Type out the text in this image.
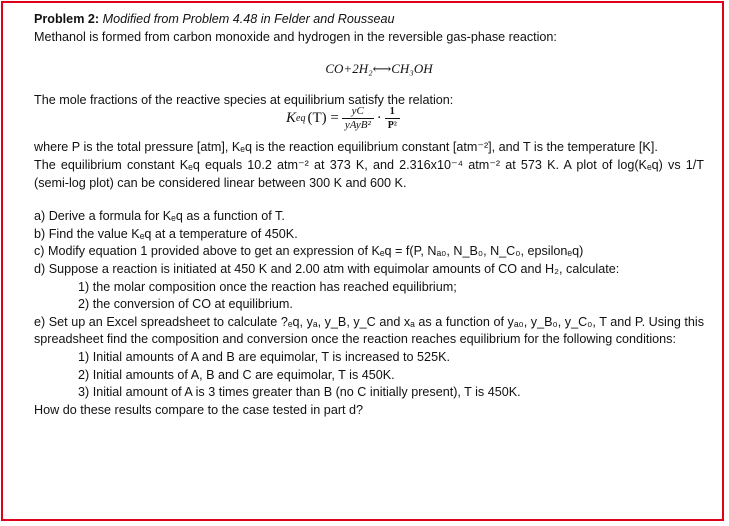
Problem 2: Modified from Problem 4.48 in Felder and Rousseau
Methanol is formed from carbon monoxide and hydrogen in the reversible gas-phase reaction:
CO+2H₂⟷CH₃OH
The mole fractions of the reactive species at equilibrium satisfy the relation:
K eq $(T) = \frac{yC}{\text{yAyB²}} \cdot \frac{1}{\text{P²}}$
where P is the total pressure [atm], Kₑq is the reaction equilibrium constant [atm⁻²], and T is the temperature [K].
The equilibrium constant Kₑq equals 10.2 atm⁻² at 373 K, and 2.316x10⁻⁴ atm⁻² at 573 K. A plot of log(Kₑq) vs 1/T (semi-log plot) can be considered linear between 300 K and 600 K.
a) Derive a formula for Kₑq as a function of T.
b) Find the value Kₑq at a temperature of 450K.
c) Modify equation 1 provided above to get an expression of Kₑq = f(P, Nₐ₀, N_B₀, N_C₀, epsilonₑq)
d) Suppose a reaction is initiated at 450 K and 2.00 atm with equimolar amounts of CO and H₂, calculate:
1) the molar composition once the reaction has reached equilibrium;
2) the conversion of CO at equilibrium.
e) Set up an Excel spreadsheet to calculate ?ₑq, yₐ, y_B, y_C and xₐ as a function of yₐ₀, y_B₀, y_C₀, T and P. Using this spreadsheet find the composition and conversion once the reaction reaches equilibrium for the following conditions:
1) Initial amounts of A and B are equimolar, T is increased to 525K.
2) Initial amounts of A, B and C are equimolar, T is 450K.
3) Initial amount of A is 3 times greater than B (no C initially present), T is 450K.
How do these results compare to the case tested in part d?
